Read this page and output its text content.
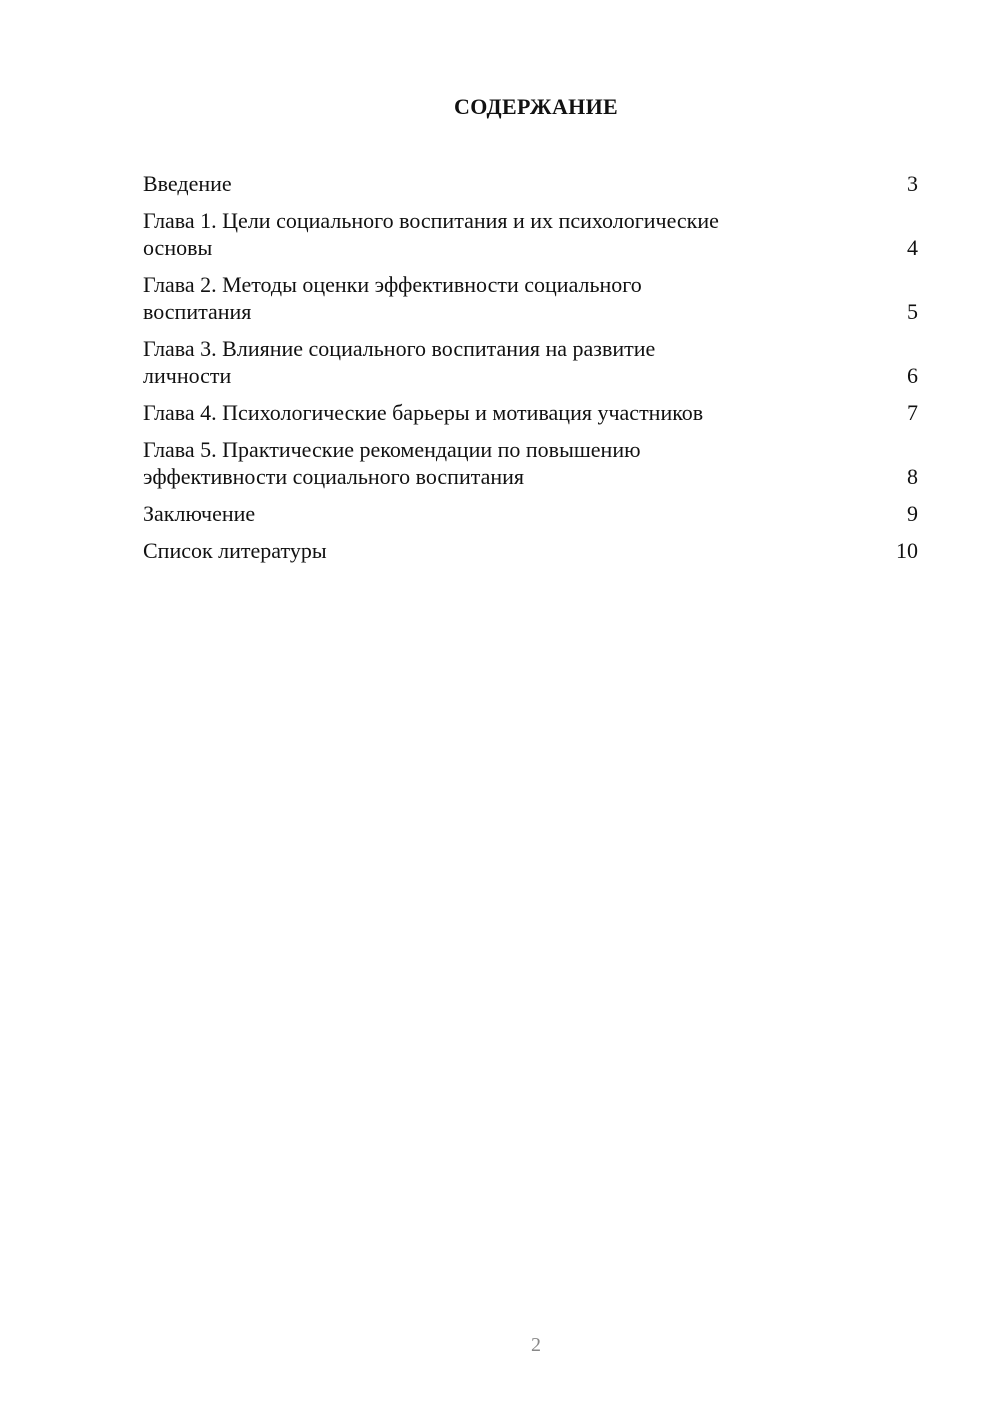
СОДЕРЖАНИЕ
Введение	3
Глава 1. Цели социального воспитания и их психологические
основы	4
Глава 2. Методы оценки эффективности социального
воспитания	5
Глава 3. Влияние социального воспитания на развитие
личности	6
Глава 4. Психологические барьеры и мотивация участников	7
Глава 5. Практические рекомендации по повышению
эффективности социального воспитания	8
Заключение	9
Список литературы	10
2
